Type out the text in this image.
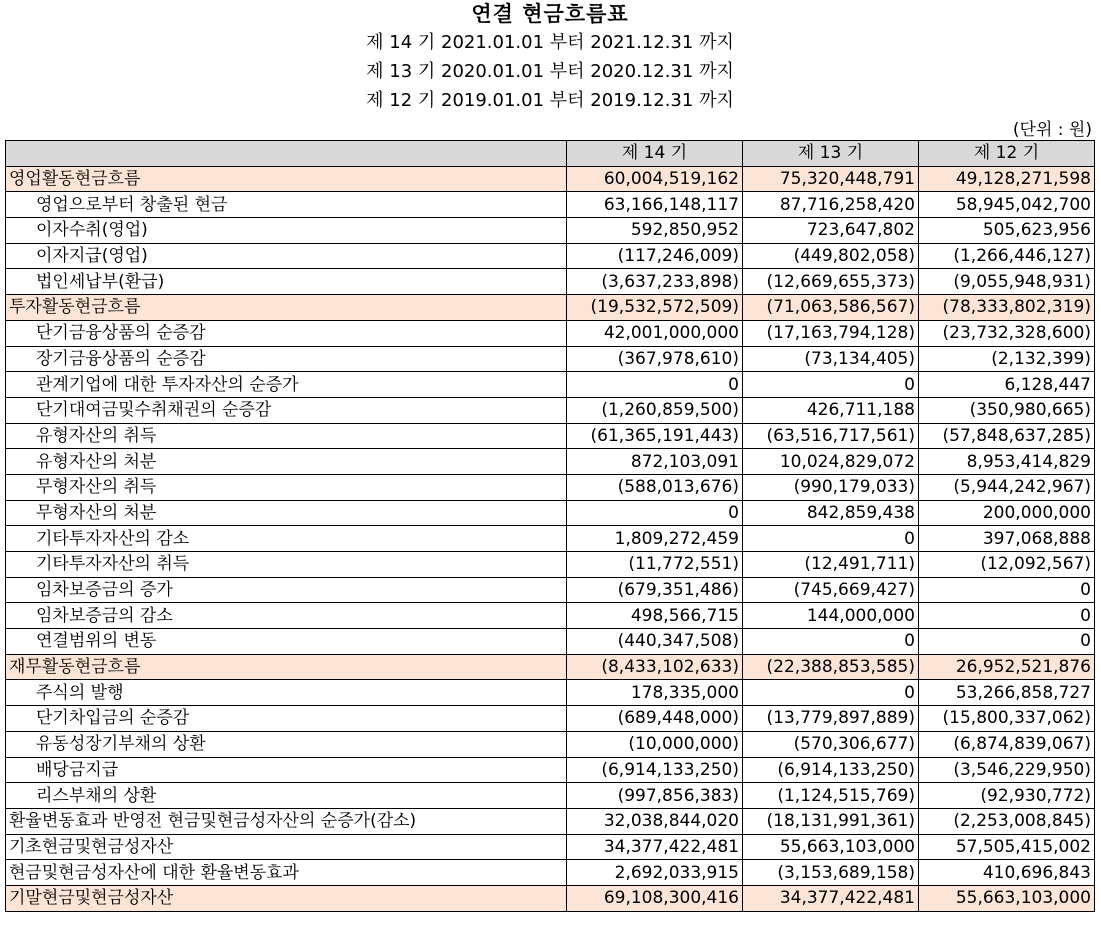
연결 현금흐름표
제 14 기 2021.01.01 부터 2021.12.31 까지
제 13 기 2020.01.01 부터 2020.12.31 까지
제 12 기 2019.01.01 부터 2019.12.31 까지
(단위 : 원)
	제 14 기	제 13 기	제 12 기
영업활동현금흐름	60,004,519,162	75,320,448,791	49,128,271,598
영업으로부터 창출된 현금	63,166,148,117	87,716,258,420	58,945,042,700
이자수취(영업)	592,850,952	723,647,802	505,623,956
이자지급(영업)	(117,246,009)	(449,802,058)	(1,266,446,127)
법인세납부(환급)	(3,637,233,898)	(12,669,655,373)	(9,055,948,931)
투자활동현금흐름	(19,532,572,509)	(71,063,586,567)	(78,333,802,319)
단기금융상품의 순증감	42,001,000,000	(17,163,794,128)	(23,732,328,600)
장기금융상품의 순증감	(367,978,610)	(73,134,405)	(2,132,399)
관계기업에 대한 투자자산의 순증가	0	0	6,128,447
단기대여금및수취채권의 순증감	(1,260,859,500)	426,711,188	(350,980,665)
유형자산의 취득	(61,365,191,443)	(63,516,717,561)	(57,848,637,285)
유형자산의 처분	872,103,091	10,024,829,072	8,953,414,829
무형자산의 취득	(588,013,676)	(990,179,033)	(5,944,242,967)
무형자산의 처분	0	842,859,438	200,000,000
기타투자자산의 감소	1,809,272,459	0	397,068,888
기타투자자산의 취득	(11,772,551)	(12,491,711)	(12,092,567)
임차보증금의 증가	(679,351,486)	(745,669,427)	0
임차보증금의 감소	498,566,715	144,000,000	0
연결범위의 변동	(440,347,508)	0	0
재무활동현금흐름	(8,433,102,633)	(22,388,853,585)	26,952,521,876
주식의 발행	178,335,000	0	53,266,858,727
단기차입금의 순증감	(689,448,000)	(13,779,897,889)	(15,800,337,062)
유동성장기부채의 상환	(10,000,000)	(570,306,677)	(6,874,839,067)
배당금지급	(6,914,133,250)	(6,914,133,250)	(3,546,229,950)
리스부채의 상환	(997,856,383)	(1,124,515,769)	(92,930,772)
환율변동효과 반영전 현금및현금성자산의 순증가(감소)	32,038,844,020	(18,131,991,361)	(2,253,008,845)
기초현금및현금성자산	34,377,422,481	55,663,103,000	57,505,415,002
현금및현금성자산에 대한 환율변동효과	2,692,033,915	(3,153,689,158)	410,696,843
기말현금및현금성자산	69,108,300,416	34,377,422,481	55,663,103,000
